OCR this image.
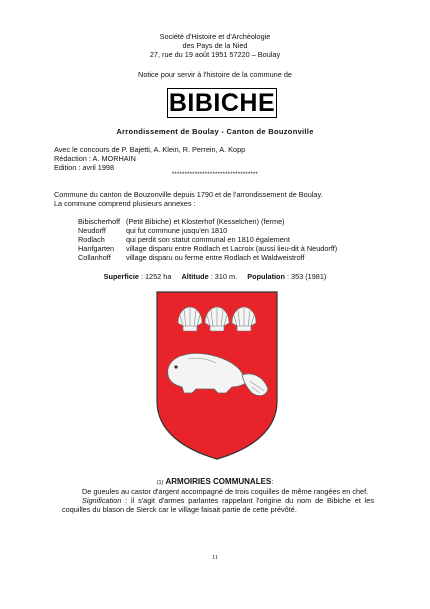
Société d'Histoire et d'Archéologie
des Pays de la Nied
27, rue du 19 août 1951 57220 – Boulay
Notice pour servir à l'histoire de la commune de
BIBICHE
Arrondissement de Boulay - Canton de Bouzonville
Avec le concours de P. Bajetti, A. Klein, R. Perrein, A. Kopp
Rédaction : A. MORHAIN
Edition : avril 1998
**********************************
Commune du canton de Bouzonville depuis 1790 et de l'arrondissement de Boulay.
La commune comprend plusieurs annexes :
Bibischerhoff	(Petit Bibiche) et Klosterhof (Kesselchen) (ferme)
Neudorff	qui fut commune jusqu'en 1810
Rodlach	qui perdit son statut communal en 1810 également
Hanfgarten	village disparu entre Rodlach et Lacroix (aussi lieu-dit à Neudorff)
Collanhoff	village disparu ou ferme entre Rodlach et Waldweistroff
Superficie : 1252 ha Altitude : 310 m. Population : 353 (1981)
(1) ARMOIRIES COMMUNALES:

De gueules au castor d'argent accompagné de trois coquilles de même rangées en chef.

Signification : il s'agit d'armes parlantes rappelant l'origine du nom de Bibiche et les coquilles du blason de Sierck car le village faisait partie de cette prévôté.

11
